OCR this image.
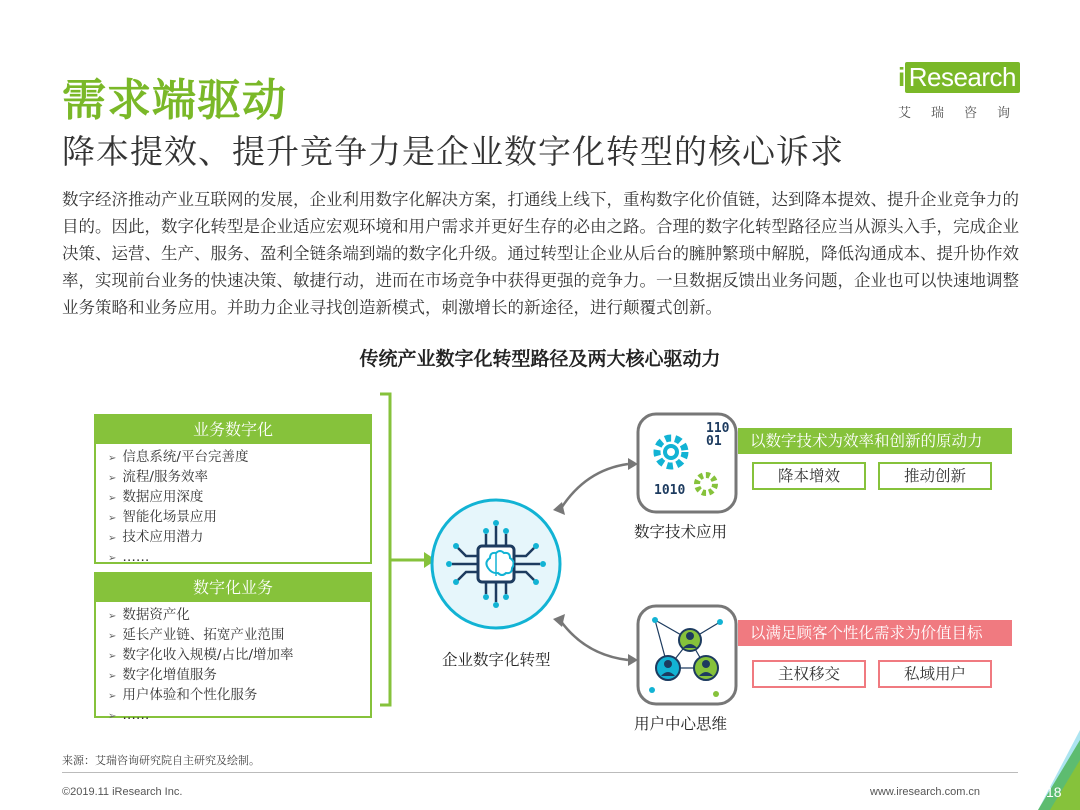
需求端驱动
降本提效、提升竞争力是企业数字化转型的核心诉求
i Research
艾瑞咨询
数字经济推动产业互联网的发展，企业利用数字化解决方案，打通线上线下，重构数字化价值链，达到降本提效、提升企业竞争力的目的。因此，数字化转型是企业适应宏观环境和用户需求并更好生存的必由之路。合理的数字化转型路径应当从源头入手，完成企业决策、运营、生产、服务、盈利全链条端到端的数字化升级。通过转型让企业从后台的臃肿繁琐中解脱，降低沟通成本、提升协作效率，实现前台业务的快速决策、敏捷行动，进而在市场竞争中获得更强的竞争力。一旦数据反馈出业务问题，企业也可以快速地调整业务策略和业务应用。并助力企业寻找创造新模式，刺激增长的新途径，进行颠覆式创新。
传统产业数字化转型路径及两大核心驱动力
110
01
1010
业务数字化
➢ 信息系统/平台完善度
➢ 流程/服务效率
➢ 数据应用深度
➢ 智能化场景应用
➢ 技术应用潜力
➢ ……
数字化业务
➢ 数据资产化
➢ 延长产业链、拓宽产业范围
➢ 数字化收入规模/占比/增加率
➢ 数字化增值服务
➢ 用户体验和个性化服务
➢ ……
企业数字化转型
数字技术应用
以数字技术为效率和创新的原动力
降本增效	推动创新
用户中心思维
以满足顾客个性化需求为价值目标
主权移交	私域用户
来源：艾瑞咨询研究院自主研究及绘制。
©2019.11 iResearch Inc.	www.iresearch.com.cn	18
